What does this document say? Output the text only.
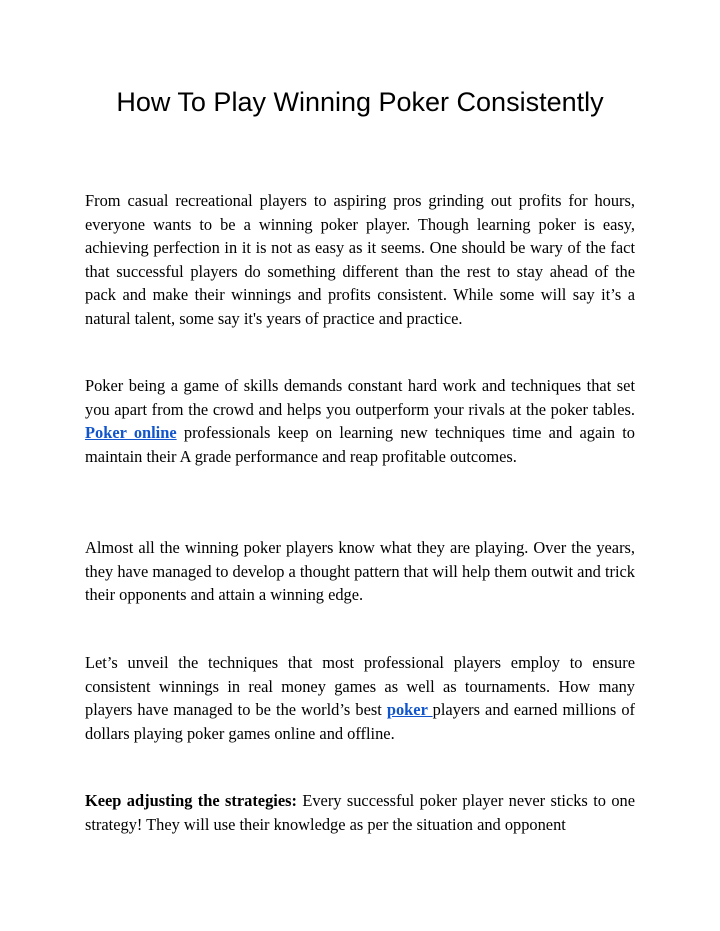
How To Play Winning Poker Consistently

From casual recreational players to aspiring pros grinding out profits for hours, everyone wants to be a winning poker player. Though learning poker is easy, achieving perfection in it is not as easy as it seems. One should be wary of the fact that successful players do something different than the rest to stay ahead of the pack and make their winnings and profits consistent. While some will say it’s a natural talent, some say it's years of practice and practice.

Poker being a game of skills demands constant hard work and techniques that set you apart from the crowd and helps you outperform your rivals at the poker tables. Poker online professionals keep on learning new techniques time and again to maintain their A grade performance and reap profitable outcomes.

Almost all the winning poker players know what they are playing. Over the years, they have managed to develop a thought pattern that will help them outwit and trick their opponents and attain a winning edge.

Let’s unveil the techniques that most professional players employ to ensure consistent winnings in real money games as well as tournaments. How many players have managed to be the world’s best poker players and earned millions of dollars playing poker games online and offline.

Keep adjusting the strategies: Every successful poker player never sticks to one strategy! They will use their knowledge as per the situation and opponent
